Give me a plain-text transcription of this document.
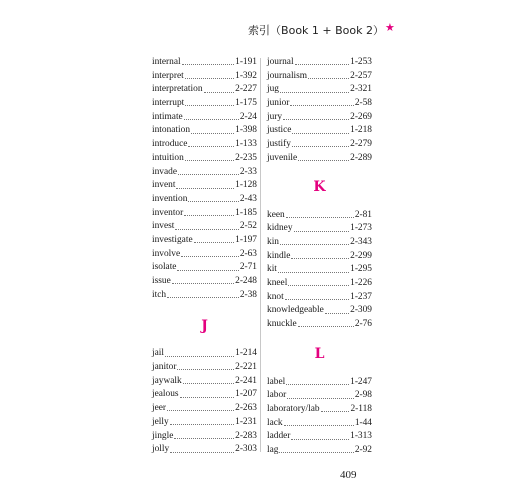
索引（Book 1 + Book 2） ★
internal	1-191
interpret	1-392
interpretation	2-227
interrupt	1-175
intimate	2-24
intonation	1-398
introduce	1-133
intuition	2-235
invade	2-33
invent	1-128
invention	2-43
inventor	1-185
invest	2-52
investigate	1-197
involve	2-63
isolate	2-71
issue	2-248
itch	2-38
J
jail	1-214
janitor	2-221
jaywalk	2-241
jealous	1-207
jeer	2-263
jelly	1-231
jingle	2-283
jolly	2-303
journal	1-253
journalism	2-257
jug	2-321
junior	2-58
jury	2-269
justice	1-218
justify	2-279
juvenile	2-289
K
keen	2-81
kidney	1-273
kin	2-343
kindle	2-299
kit	1-295
kneel	1-226
knot	1-237
knowledgeable	2-309
knuckle	2-76
L
label	1-247
labor	2-98
laboratory/lab	2-118
lack	1-44
ladder	1-313
lag	2-92
409
